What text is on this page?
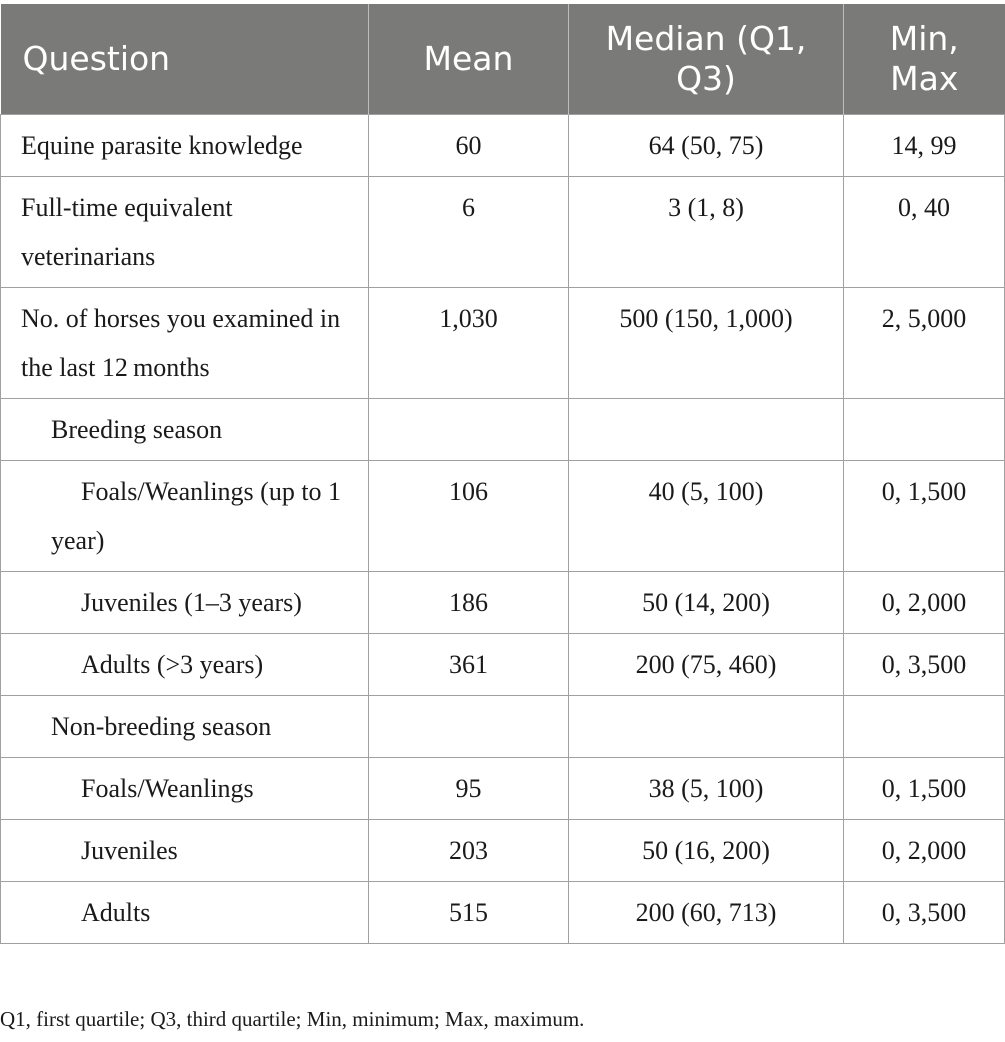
Question	Mean	Median (Q1, Q3)	Min, Max
Equine parasite knowledge	60	64 (50, 75)	14, 99
Full-time equivalent veterinarians	6	3 (1, 8)	0, 40
No. of horses you examined in the last 12 months	1,030	500 (150, 1,000)	2, 5,000
Breeding season			
Foals/Weanlings (up to 1 year)	106	40 (5, 100)	0, 1,500
Juveniles (1–3 years)	186	50 (14, 200)	0, 2,000
Adults (>3 years)	361	200 (75, 460)	0, 3,500
Non-breeding season			
Foals/Weanlings	95	38 (5, 100)	0, 1,500
Juveniles	203	50 (16, 200)	0, 2,000
Adults	515	200 (60, 713)	0, 3,500
Q1, first quartile; Q3, third quartile; Min, minimum; Max, maximum.
